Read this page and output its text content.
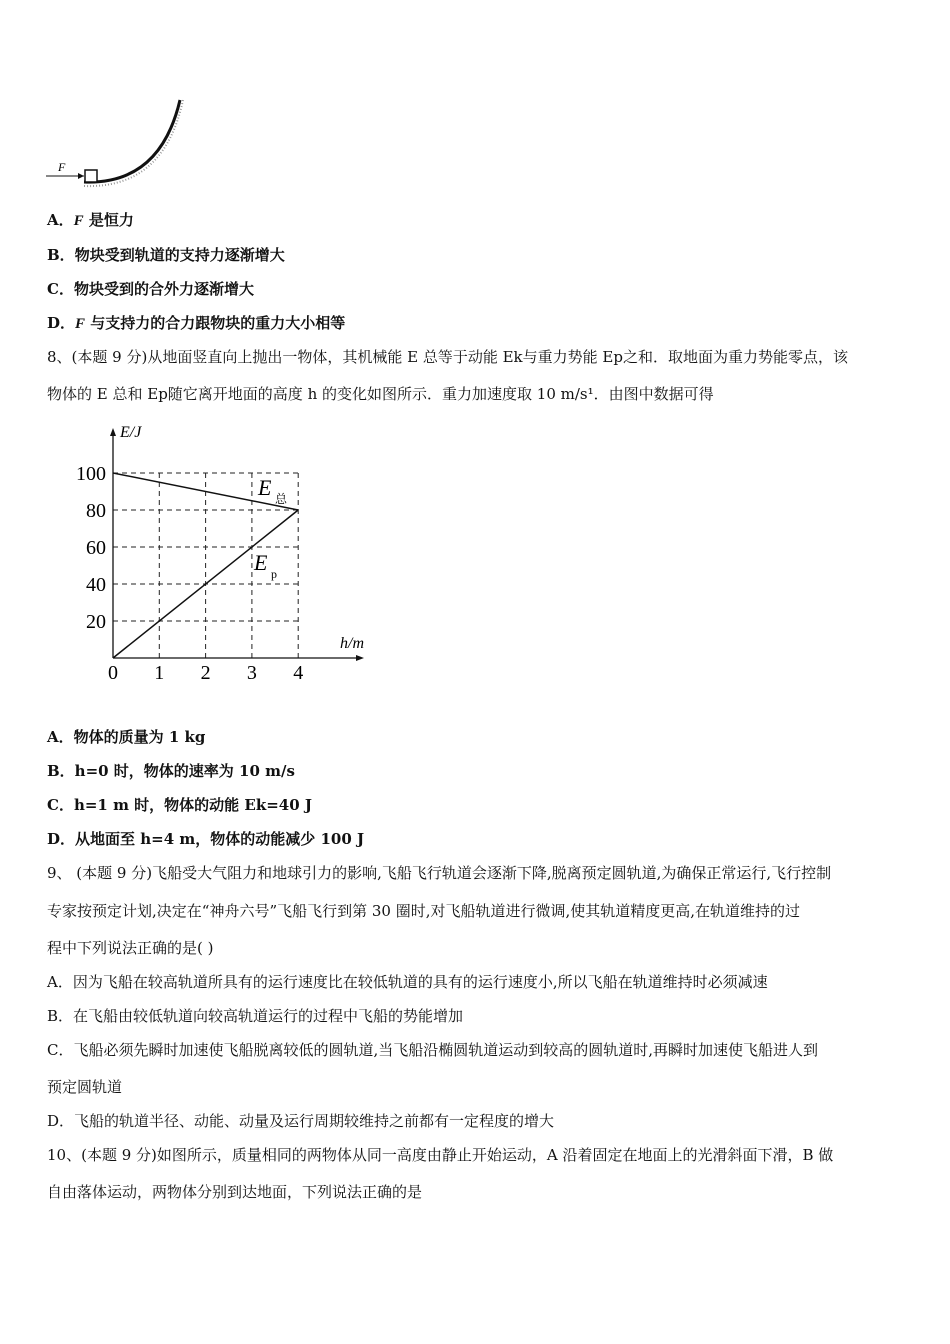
F
A．F 是恒力
B．物块受到轨道的支持力逐渐增大
C．物块受到的合外力逐渐增大
D．F 与支持力的合力跟物块的重力大小相等
8、(本题 9 分)从地面竖直向上抛出一物体，其机械能 E 总等于动能 Ek与重力势能 Ep之和．取地面为重力势能零点，该
物体的 E 总和 Ep随它离开地面的高度 h 的变化如图所示．重力加速度取 10 m/s¹．由图中数据可得
0 1 2 3 4
20
40
60
80
100
E/J
h/m
E 总
E p
A．物体的质量为 1 kg
B．h=0 时，物体的速率为 10 m/s
C．h=1 m 时，物体的动能 Ek=40 J
D．从地面至 h=4 m，物体的动能减少 100 J
9、 (本题 9 分)飞船受大气阻力和地球引力的影响,飞船飞行轨道会逐渐下降,脱离预定圆轨道,为确保正常运行,飞行控制
专家按预定计划,决定在“神舟六号”飞船飞行到第 30 圈时,对飞船轨道进行微调,使其轨道精度更高,在轨道维持的过
程中下列说法正确的是( )
A．因为飞船在较高轨道所具有的运行速度比在较低轨道的具有的运行速度小,所以飞船在轨道维持时必须减速
B．在飞船由较低轨道向较高轨道运行的过程中飞船的势能增加
C．飞船必须先瞬时加速使飞船脱离较低的圆轨道,当飞船沿椭圆轨道运动到较高的圆轨道时,再瞬时加速使飞船进人到
预定圆轨道
D．飞船的轨道半径、动能、动量及运行周期较维持之前都有一定程度的增大
10、(本题 9 分)如图所示，质量相同的两物体从同一高度由静止开始运动，A 沿着固定在地面上的光滑斜面下滑，B 做
自由落体运动，两物体分别到达地面，下列说法正确的是
